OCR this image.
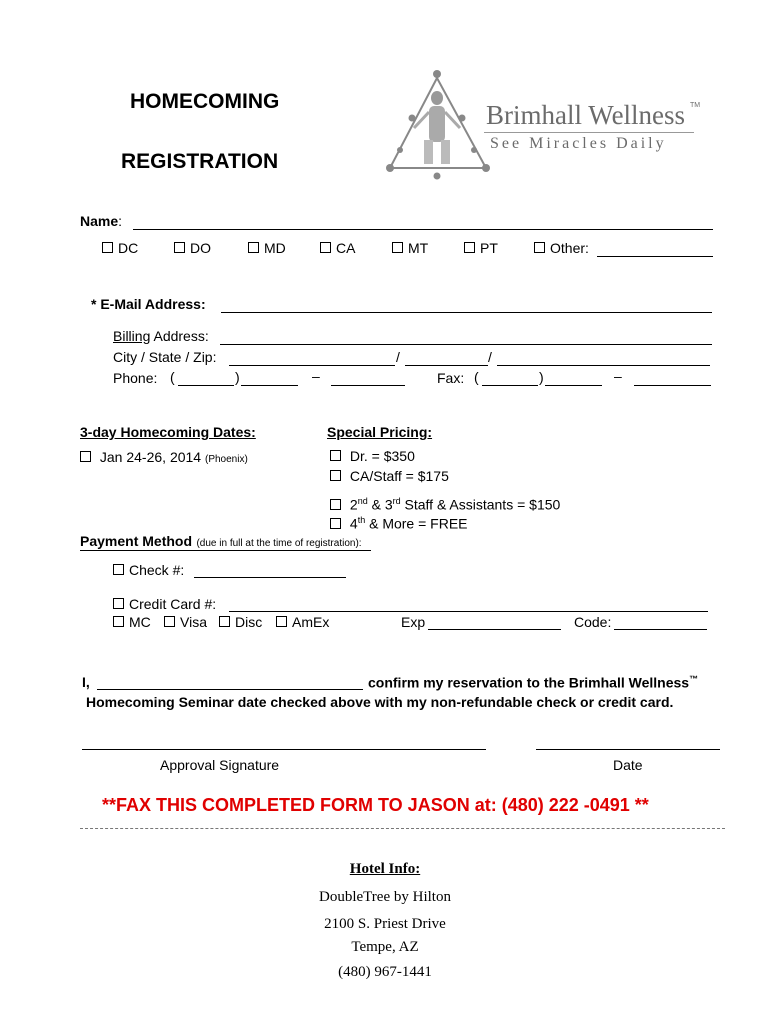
HOMECOMING
REGISTRATION
Brimhall Wellness TM
See Miracles Daily
Name:
DC	DO	MD	CA	MT	PT	Other:
* E-Mail Address:
Billing Address:
City / State / Zip:	/	/
Phone: (	)	–	Fax: (	)	–
3-day Homecoming Dates:
Jan 24-26, 2014 (Phoenix)
Special Pricing:
Dr. = $350
CA/Staff = $175
2nd & 3rd Staff & Assistants = $150
4th & More = FREE
Payment Method (due in full at the time of registration):
Check #:
Credit Card #:
MC	Visa	Disc	AmEx	Exp	Code:
I,	confirm my reservation to the Brimhall Wellness™
Homecoming Seminar date checked above with my non-refundable check or credit card.
Approval Signature	Date
**FAX THIS COMPLETED FORM TO JASON at: (480) 222 -0491 **
Hotel Info:
DoubleTree by Hilton
2100 S. Priest Drive
Tempe, AZ
(480) 967-1441
